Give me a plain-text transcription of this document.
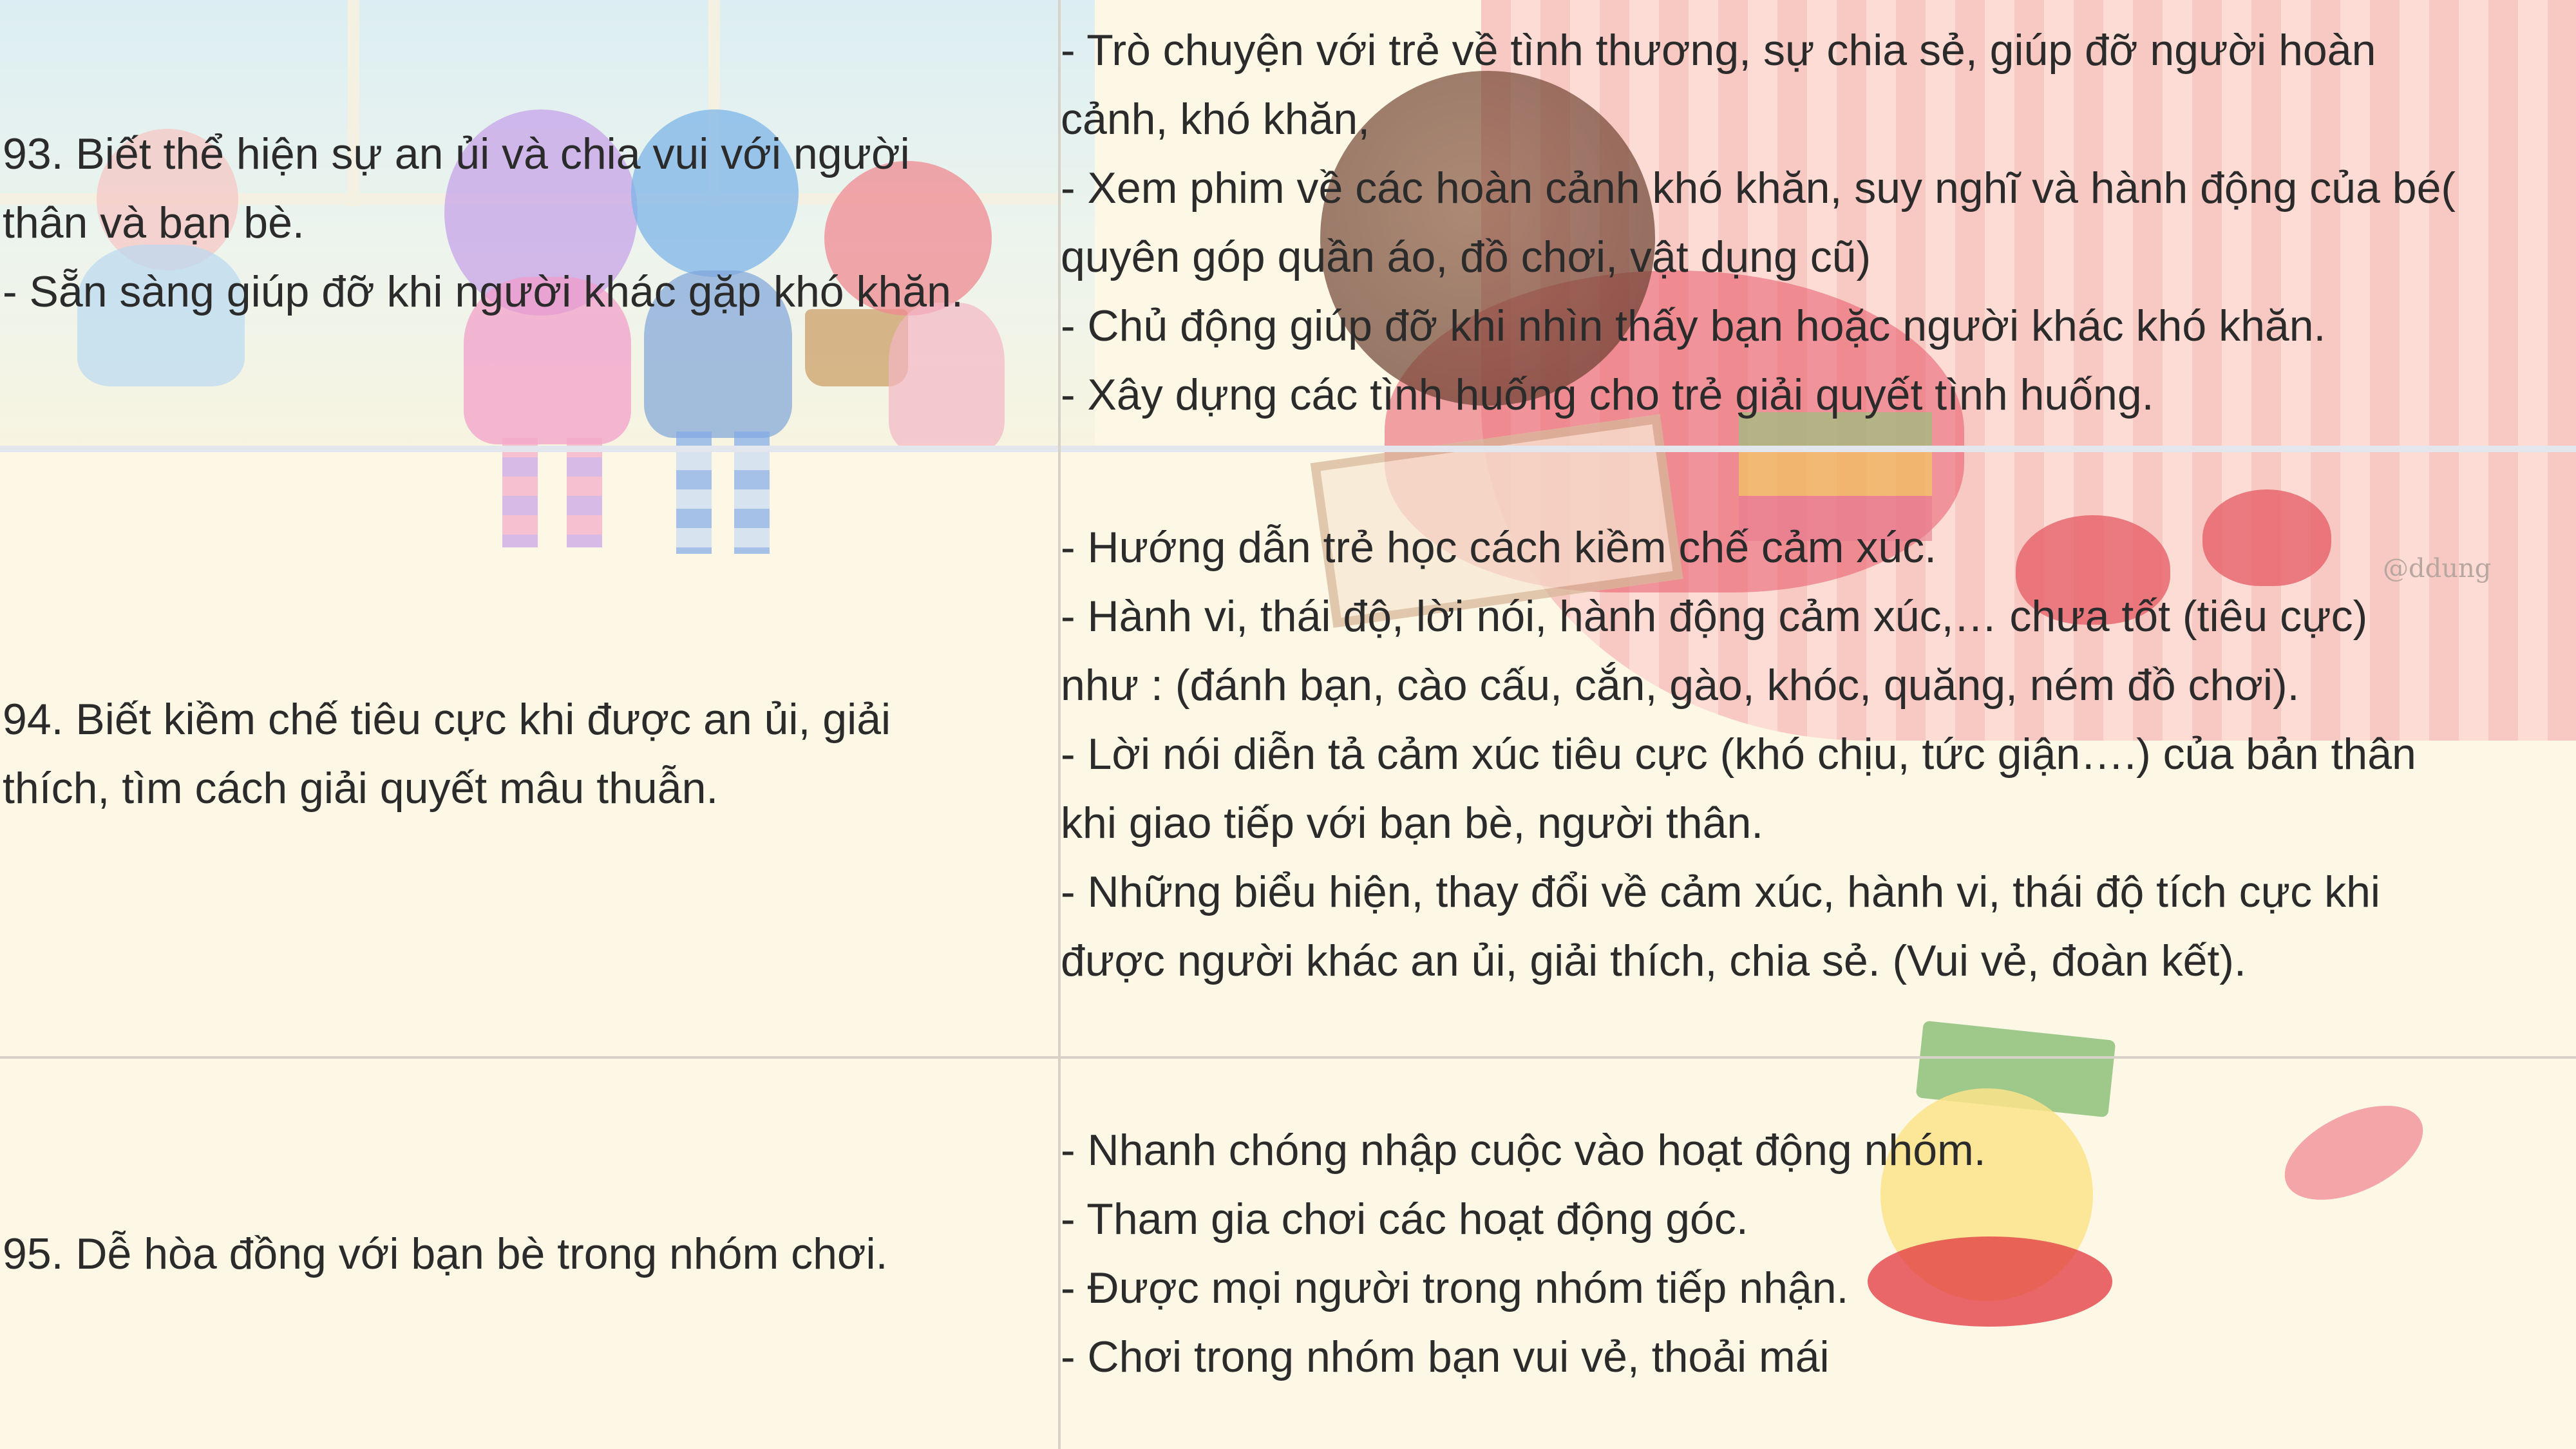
@ddung
93. Biết thể hiện sự an ủi và chia vui với người
thân và bạn bè.
- Sẵn sàng giúp đỡ khi người khác gặp khó khăn.
- Trò chuyện với trẻ về tình thương, sự chia sẻ, giúp đỡ người hoàn
cảnh, khó khăn,
- Xem phim về các hoàn cảnh khó khăn, suy nghĩ và hành động của bé(
quyên góp quần áo, đồ chơi, vật dụng cũ)
- Chủ động giúp đỡ khi nhìn thấy bạn hoặc người khác khó khăn.
- Xây dựng các tình huống cho trẻ giải quyết tình huống.
94. Biết kiềm chế tiêu cực khi được an ủi, giải
thích, tìm cách giải quyết mâu thuẫn.
- Hướng dẫn trẻ học cách kiềm chế cảm xúc.
- Hành vi, thái độ, lời nói, hành động cảm xúc,… chưa tốt (tiêu cực)
như : (đánh bạn, cào cấu, cắn, gào, khóc, quăng, ném đồ chơi).
- Lời nói diễn tả cảm xúc tiêu cực (khó chịu, tức giận….) của bản thân
khi giao tiếp với bạn bè, người thân.
- Những biểu hiện, thay đổi về cảm xúc, hành vi, thái độ tích cực khi
được người khác an ủi, giải thích, chia sẻ. (Vui vẻ, đoàn kết).
95. Dễ hòa đồng với bạn bè trong nhóm chơi.
- Nhanh chóng nhập cuộc vào hoạt động nhóm.
- Tham gia chơi các hoạt động góc.
- Được mọi người trong nhóm tiếp nhận.
- Chơi trong nhóm bạn vui vẻ, thoải mái
